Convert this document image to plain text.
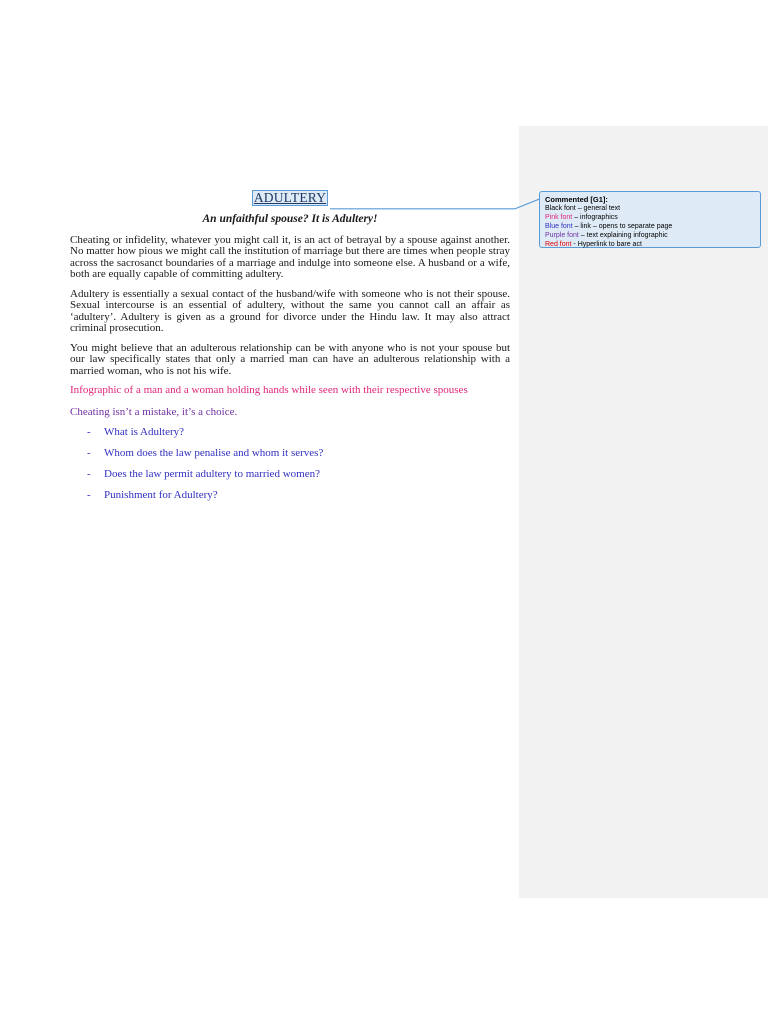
ADULTERY
An unfaithful spouse? It is Adultery!

Cheating or infidelity, whatever you might call it, is an act of betrayal by a spouse against another. No matter how pious we might call the institution of marriage but there are times when people stray across the sacrosanct boundaries of a marriage and indulge into someone else. A husband or a wife, both are equally capable of committing adultery.

Adultery is essentially a sexual contact of the husband/wife with someone who is not their spouse. Sexual intercourse is an essential of adultery, without the same you cannot call an affair as ‘adultery’. Adultery is given as a ground for divorce under the Hindu law. It may also attract criminal prosecution.

You might believe that an adulterous relationship can be with anyone who is not your spouse but our law specifically states that only a married man can have an adulterous relationship with a married woman, who is not his wife.

Infographic of a man and a woman holding hands while seen with their respective spouses

Cheating isn’t a mistake, it’s a choice.

-	What is Adultery?
-	Whom does the law penalise and whom it serves?
-	Does the law permit adultery to married women?
-	Punishment for Adultery?
Commented [G1]:
Black font – general text
Pink font – infographics
Blue font – link – opens to separate page
Purple font – text explaining infographic
Red font - Hyperlink to bare act
